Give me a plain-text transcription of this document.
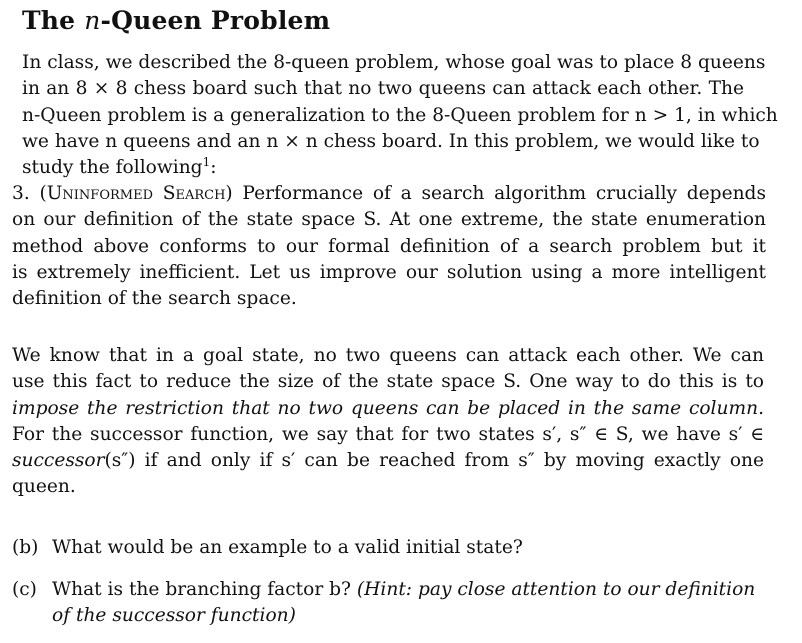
The n-Queen Problem
In class, we described the 8-queen problem, whose goal was to place 8 queens
in an 8 × 8 chess board such that no two queens can attack each other. The
n-Queen problem is a generalization to the 8-Queen problem for n > 1, in which
we have n queens and an n × n chess board. In this problem, we would like to
study the following$^1$:
3. (Uninformed Search) Performance of a search algorithm crucially depends
on our definition of the state space S. At one extreme, the state enumeration
method above conforms to our formal definition of a search problem but it
is extremely inefficient. Let us improve our solution using a more intelligent
definition of the search space.
We know that in a goal state, no two queens can attack each other. We can
use this fact to reduce the size of the state space S. One way to do this is to
impose the restriction that no two queens can be placed in the same column.
For the successor function, we say that for two states s′, s″ ∈ S, we have s′ ∈
successor(s″) if and only if s′ can be reached from s″ by moving exactly one
queen.
(b) What would be an example to a valid initial state?
(c) What is the branching factor b? (Hint: pay close attention to our definition
of the successor function)
